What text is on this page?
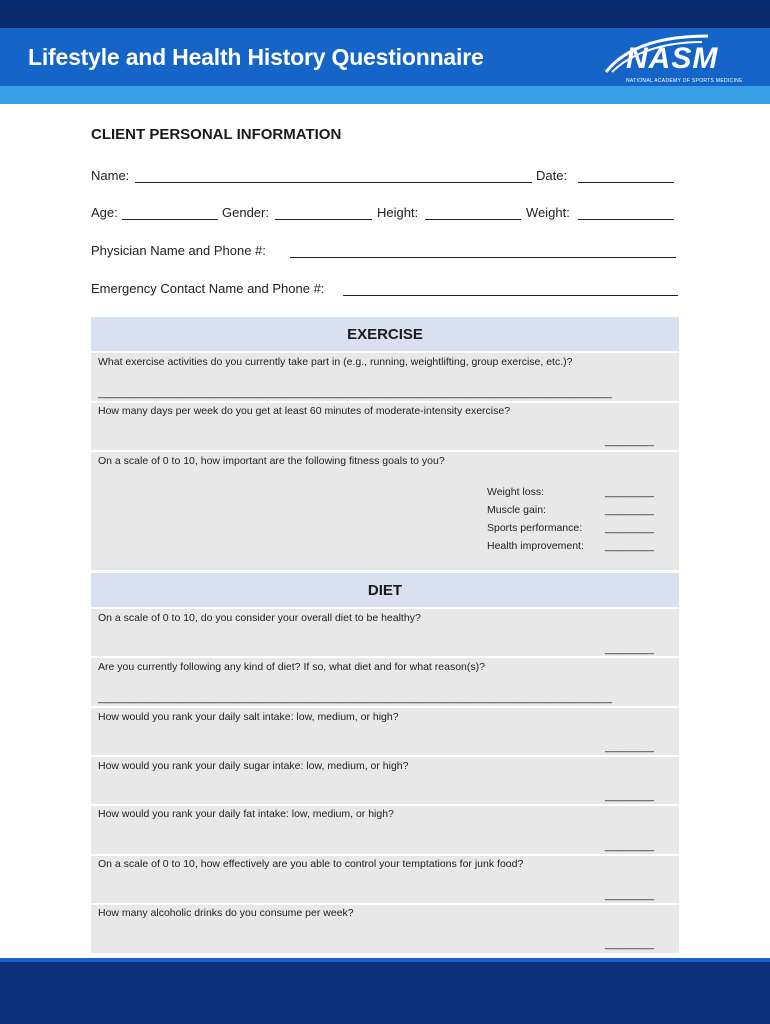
Lifestyle and Health History Questionnaire	NASM
NATIONAL ACADEMY OF SPORTS MEDICINE
CLIENT PERSONAL INFORMATION
Name:	Date:
Age:	Gender:	Height:	Weight:
Physician Name and Phone #:
Emergency Contact Name and Phone #:
EXERCISE
What exercise activities do you currently take part in (e.g., running, weightlifting, group exercise, etc.)?
____________________________________________________________________________________
How many days per week do you get at least 60 minutes of moderate-intensity exercise?
________
On a scale of 0 to 10, how important are the following fitness goals to you?
Weight loss:	________
Muscle gain:	________
Sports performance: ________
Health improvement: ________
DIET
On a scale of 0 to 10, do you consider your overall diet to be healthy?
________
Are you currently following any kind of diet? If so, what diet and for what reason(s)?
____________________________________________________________________________________
How would you rank your daily salt intake: low, medium, or high?
________
How would you rank your daily sugar intake: low, medium, or high?
________
How would you rank your daily fat intake: low, medium, or high?
________
On a scale of 0 to 10, how effectively are you able to control your temptations for junk food?
________
How many alcoholic drinks do you consume per week?
________
